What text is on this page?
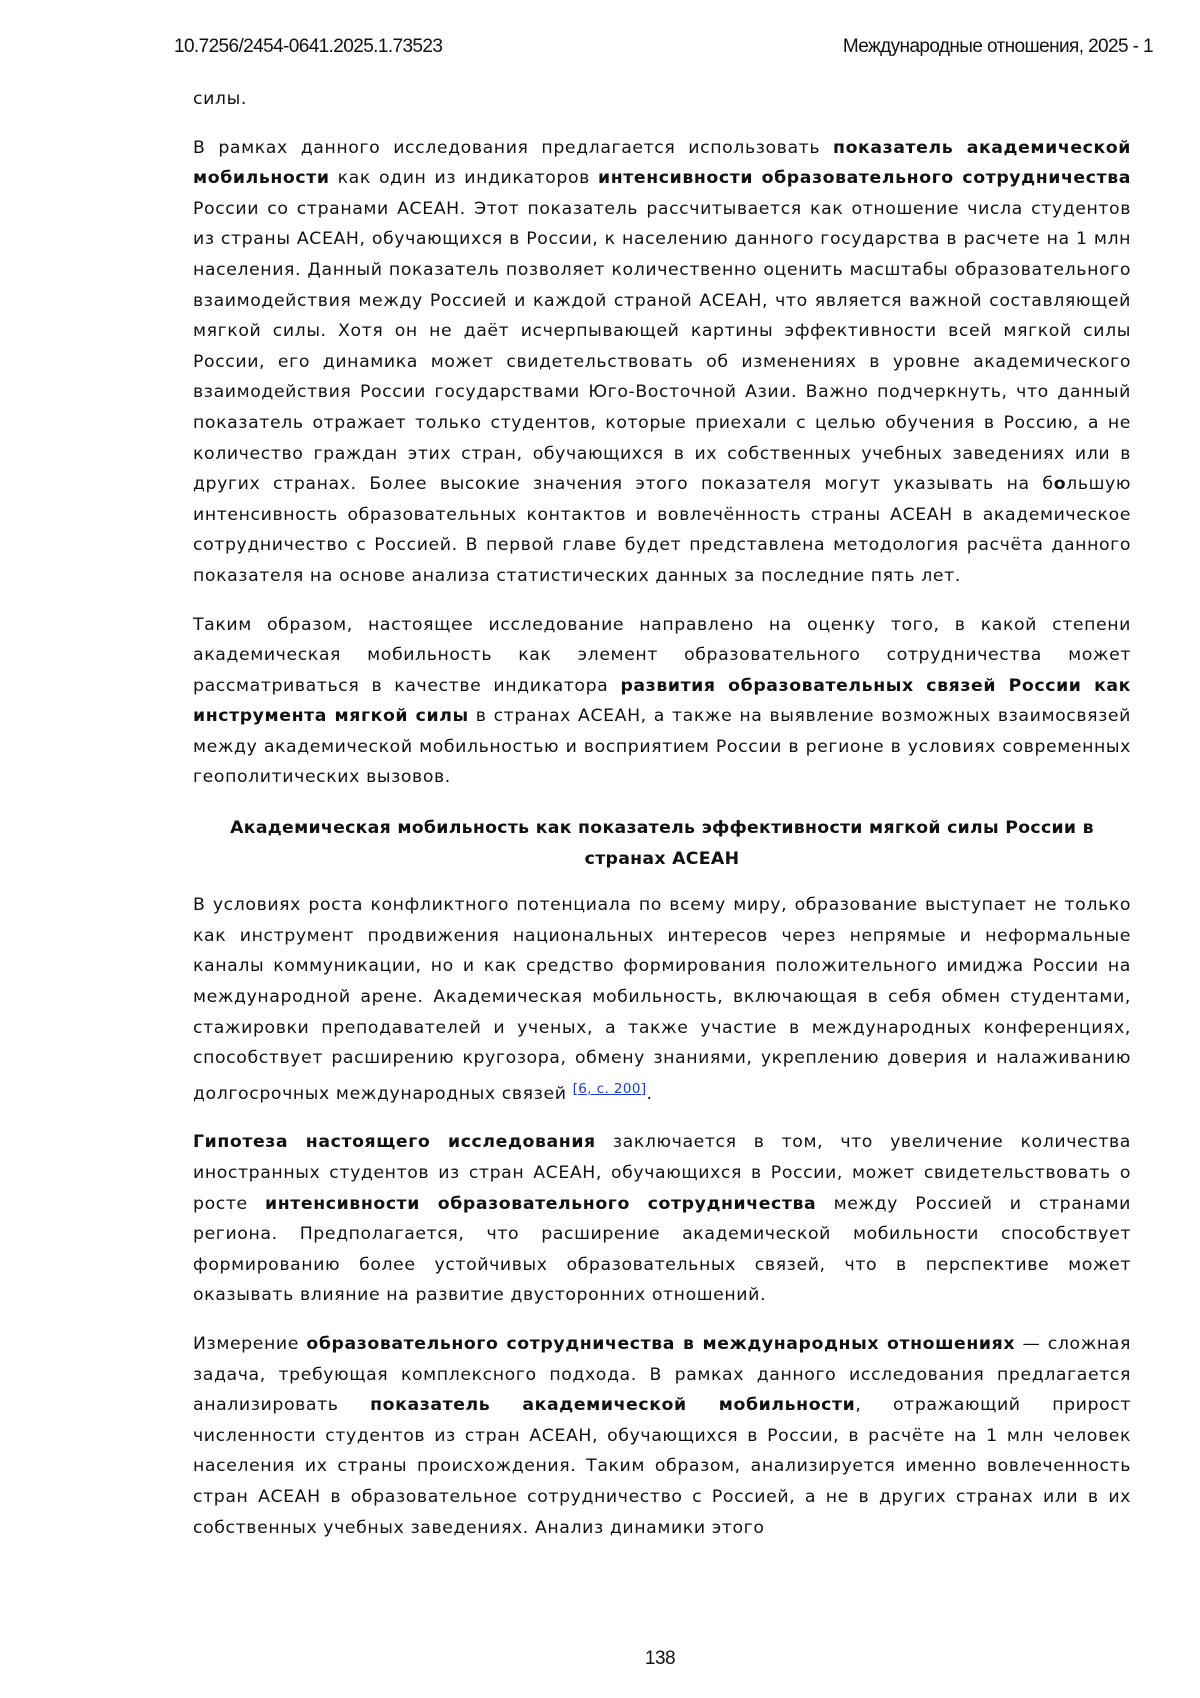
10.7256/2454-0641.2025.1.73523	Международные отношения, 2025 - 1

силы.

В рамках данного исследования предлагается использовать показатель академической мобильности как один из индикаторов интенсивности образовательного сотрудничества России со странами АСЕАН. Этот показатель рассчитывается как отношение числа студентов из страны АСЕАН, обучающихся в России, к населению данного государства в расчете на 1 млн населения. Данный показатель позволяет количественно оценить масштабы образовательного взаимодействия между Россией и каждой страной АСЕАН, что является важной составляющей мягкой силы. Хотя он не даёт исчерпывающей картины эффективности всей мягкой силы России, его динамика может свидетельствовать об изменениях в уровне академического взаимодействия России государствами Юго-Восточной Азии. Важно подчеркнуть, что данный показатель отражает только студентов, которые приехали с целью обучения в Россию, а не количество граждан этих стран, обучающихся в их собственных учебных заведениях или в других странах. Более высокие значения этого показателя могут указывать на большую интенсивность образовательных контактов и вовлечённость страны АСЕАН в академическое сотрудничество с Россией. В первой главе будет представлена методология расчёта данного показателя на основе анализа статистических данных за последние пять лет.

Таким образом, настоящее исследование направлено на оценку того, в какой степени академическая мобильность как элемент образовательного сотрудничества может рассматриваться в качестве индикатора развития образовательных связей России как инструмента мягкой силы в странах АСЕАН, а также на выявление возможных взаимосвязей между академической мобильностью и восприятием России в регионе в условиях современных геополитических вызовов.

Академическая мобильность как показатель эффективности мягкой силы России в странах АСЕАН

В условиях роста конфликтного потенциала по всему миру, образование выступает не только как инструмент продвижения национальных интересов через непрямые и неформальные каналы коммуникации, но и как средство формирования положительного имиджа России на международной арене. Академическая мобильность, включающая в себя обмен студентами, стажировки преподавателей и ученых, а также участие в международных конференциях, способствует расширению кругозора, обмену знаниями, укреплению доверия и налаживанию долгосрочных международных связей [6, с. 200].

Гипотеза настоящего исследования заключается в том, что увеличение количества иностранных студентов из стран АСЕАН, обучающихся в России, может свидетельствовать о росте интенсивности образовательного сотрудничества между Россией и странами региона. Предполагается, что расширение академической мобильности способствует формированию более устойчивых образовательных связей, что в перспективе может оказывать влияние на развитие двусторонних отношений.

Измерение образовательного сотрудничества в международных отношениях — сложная задача, требующая комплексного подхода. В рамках данного исследования предлагается анализировать показатель академической мобильности, отражающий прирост численности студентов из стран АСЕАН, обучающихся в России, в расчёте на 1 млн человек населения их страны происхождения. Таким образом, анализируется именно вовлеченность стран АСЕАН в образовательное сотрудничество с Россией, а не в других странах или в их собственных учебных заведениях. Анализ динамики этого

138
